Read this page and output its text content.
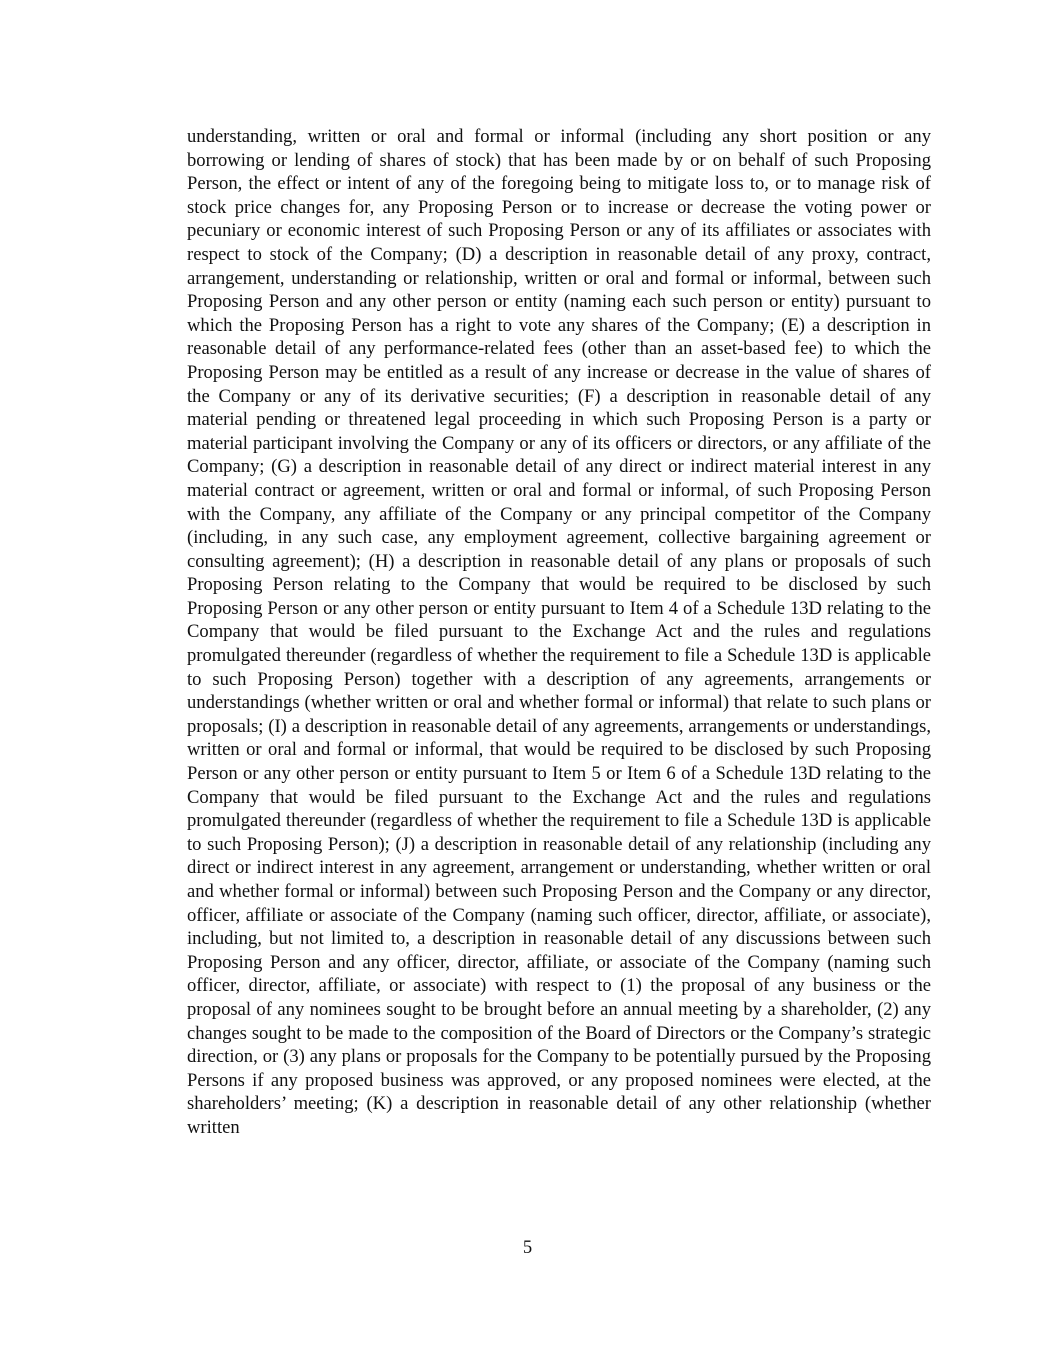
understanding, written or oral and formal or informal (including any short position or any borrowing or lending of shares of stock) that has been made by or on behalf of such Proposing Person, the effect or intent of any of the foregoing being to mitigate loss to, or to manage risk of stock price changes for, any Proposing Person or to increase or decrease the voting power or pecuniary or economic interest of such Proposing Person or any of its affiliates or associates with respect to stock of the Company; (D) a description in reasonable detail of any proxy, contract, arrangement, understanding or relationship, written or oral and formal or informal, between such Proposing Person and any other person or entity (naming each such person or entity) pursuant to which the Proposing Person has a right to vote any shares of the Company; (E) a description in reasonable detail of any performance-related fees (other than an asset-based fee) to which the Proposing Person may be entitled as a result of any increase or decrease in the value of shares of the Company or any of its derivative securities; (F) a description in reasonable detail of any material pending or threatened legal proceeding in which such Proposing Person is a party or material participant involving the Company or any of its officers or directors, or any affiliate of the Company; (G) a description in reasonable detail of any direct or indirect material interest in any material contract or agreement, written or oral and formal or informal, of such Proposing Person with the Company, any affiliate of the Company or any principal competitor of the Company (including, in any such case, any employment agreement, collective bargaining agreement or consulting agreement); (H) a description in reasonable detail of any plans or proposals of such Proposing Person relating to the Company that would be required to be disclosed by such Proposing Person or any other person or entity pursuant to Item 4 of a Schedule 13D relating to the Company that would be filed pursuant to the Exchange Act and the rules and regulations promulgated thereunder (regardless of whether the requirement to file a Schedule 13D is applicable to such Proposing Person) together with a description of any agreements, arrangements or understandings (whether written or oral and whether formal or informal) that relate to such plans or proposals; (I) a description in reasonable detail of any agreements, arrangements or understandings, written or oral and formal or informal, that would be required to be disclosed by such Proposing Person or any other person or entity pursuant to Item 5 or Item 6 of a Schedule 13D relating to the Company that would be filed pursuant to the Exchange Act and the rules and regulations promulgated thereunder (regardless of whether the requirement to file a Schedule 13D is applicable to such Proposing Person); (J) a description in reasonable detail of any relationship (including any direct or indirect interest in any agreement, arrangement or understanding, whether written or oral and whether formal or informal) between such Proposing Person and the Company or any director, officer, affiliate or associate of the Company (naming such officer, director, affiliate, or associate), including, but not limited to, a description in reasonable detail of any discussions between such Proposing Person and any officer, director, affiliate, or associate of the Company (naming such officer, director, affiliate, or associate) with respect to (1) the proposal of any business or the proposal of any nominees sought to be brought before an annual meeting by a shareholder, (2) any changes sought to be made to the composition of the Board of Directors or the Company’s strategic direction, or (3) any plans or proposals for the Company to be potentially pursued by the Proposing Persons if any proposed business was approved, or any proposed nominees were elected, at the shareholders’ meeting; (K) a description in reasonable detail of any other relationship (whether written

5
